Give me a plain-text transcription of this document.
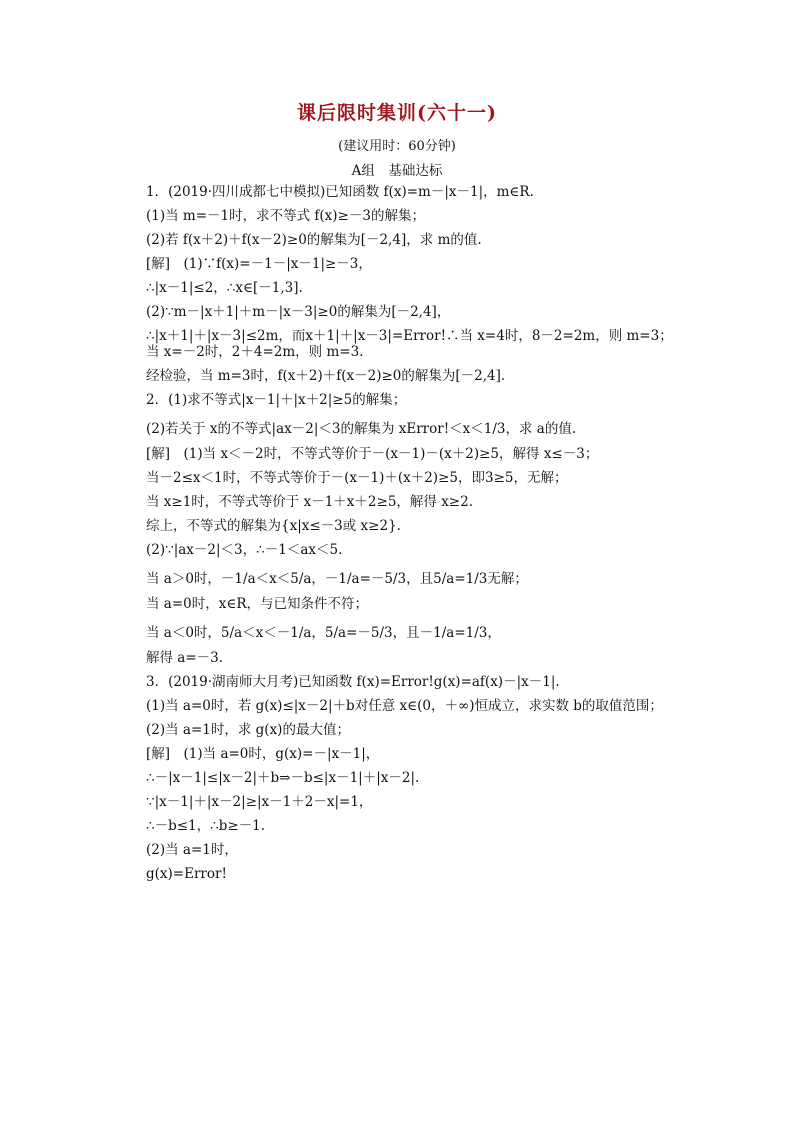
课后限时集训(六十一)
(建议用时：60分钟)
A组　基础达标
1．(2019·四川成都七中模拟)已知函数 f(x)=m－|x－1|，m∈R.
(1)当 m=－1时，求不等式 f(x)≥－3的解集；
(2)若 f(x＋2)＋f(x－2)≥0的解集为[－2,4]，求 m的值.
[解]　(1)∵f(x)=－1－|x－1|≥－3，
∴|x－1|≤2，∴x∈[－1,3].
(2)∵m－|x＋1|＋m－|x－3|≥0的解集为[－2,4]，
∴|x＋1|＋|x－3|≤2m，而x＋1|＋|x－3|=Error!∴当 x=4时，8－2=2m，则 m=3；当 x=－2时，2＋4=2m，则 m=3.
经检验，当 m=3时，f(x＋2)＋f(x－2)≥0的解集为[－2,4].
2．(1)求不等式|x－1|＋|x＋2|≥5的解集；
(2)若关于 x的不等式|ax－2|＜3的解集为 xError!＜x＜1/3，求 a的值.
[解]　(1)当 x＜－2时，不等式等价于－(x－1)－(x＋2)≥5，解得 x≤－3；
当－2≤x＜1时，不等式等价于－(x－1)＋(x＋2)≥5，即3≥5，无解；
当 x≥1时，不等式等价于 x－1＋x＋2≥5，解得 x≥2.
综上，不等式的解集为{x|x≤－3或 x≥2}.
(2)∵|ax－2|＜3，∴－1＜ax＜5.
当 a＞0时，－1/a＜x＜5/a，－1/a=－5/3，且5/a=1/3无解；
当 a=0时，x∈R，与已知条件不符；
当 a＜0时，5/a＜x＜－1/a，5/a=－5/3，且－1/a=1/3，
解得 a=－3.
3．(2019·湖南师大月考)已知函数 f(x)=Error!g(x)=af(x)－|x－1|.
(1)当 a=0时，若 g(x)≤|x－2|＋b对任意 x∈(0，＋∞)恒成立，求实数 b的取值范围；
(2)当 a=1时，求 g(x)的最大值；
[解]　(1)当 a=0时，g(x)=－|x－1|，
∴－|x－1|≤|x－2|＋b⇒－b≤|x－1|＋|x－2|.
∵|x－1|＋|x－2|≥|x－1＋2－x|=1，
∴－b≤1，∴b≥－1.
(2)当 a=1时，
g(x)=Error!
